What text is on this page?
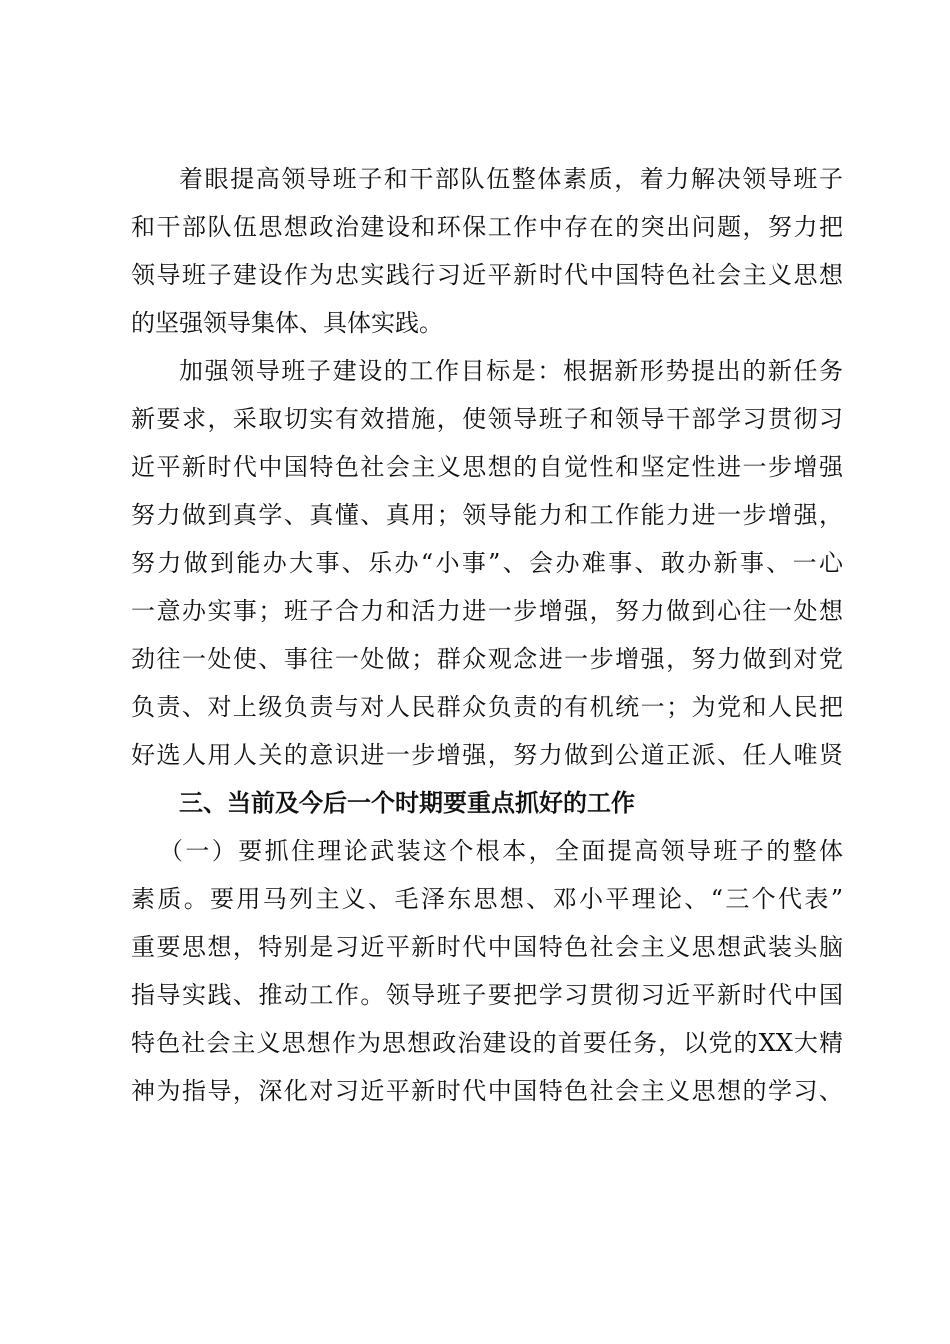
着眼提高领导班子和干部队伍整体素质，着力解决领导班子
和干部队伍思想政治建设和环保工作中存在的突出问题，努力把
领导班子建设作为忠实践行习近平新时代中国特色社会主义思想
的坚强领导集体、具体实践。
加强领导班子建设的工作目标是：根据新形势提出的新任务
新要求，采取切实有效措施，使领导班子和领导干部学习贯彻习
近平新时代中国特色社会主义思想的自觉性和坚定性进一步增强
努力做到真学、真懂、真用；领导能力和工作能力进一步增强，
努力做到能办大事、乐办“小事”、会办难事、敢办新事、一心
一意办实事；班子合力和活力进一步增强，努力做到心往一处想
劲往一处使、事往一处做；群众观念进一步增强，努力做到对党
负责、对上级负责与对人民群众负责的有机统一；为党和人民把
好选人用人关的意识进一步增强，努力做到公道正派、任人唯贤
三、当前及今后一个时期要重点抓好的工作
（一）要抓住理论武装这个根本，全面提高领导班子的整体
素质。要用马列主义、毛泽东思想、邓小平理论、“三个代表”
重要思想，特别是习近平新时代中国特色社会主义思想武装头脑
指导实践、推动工作。领导班子要把学习贯彻习近平新时代中国
特色社会主义思想作为思想政治建设的首要任务，以党的XX大精
神为指导，深化对习近平新时代中国特色社会主义思想的学习、
